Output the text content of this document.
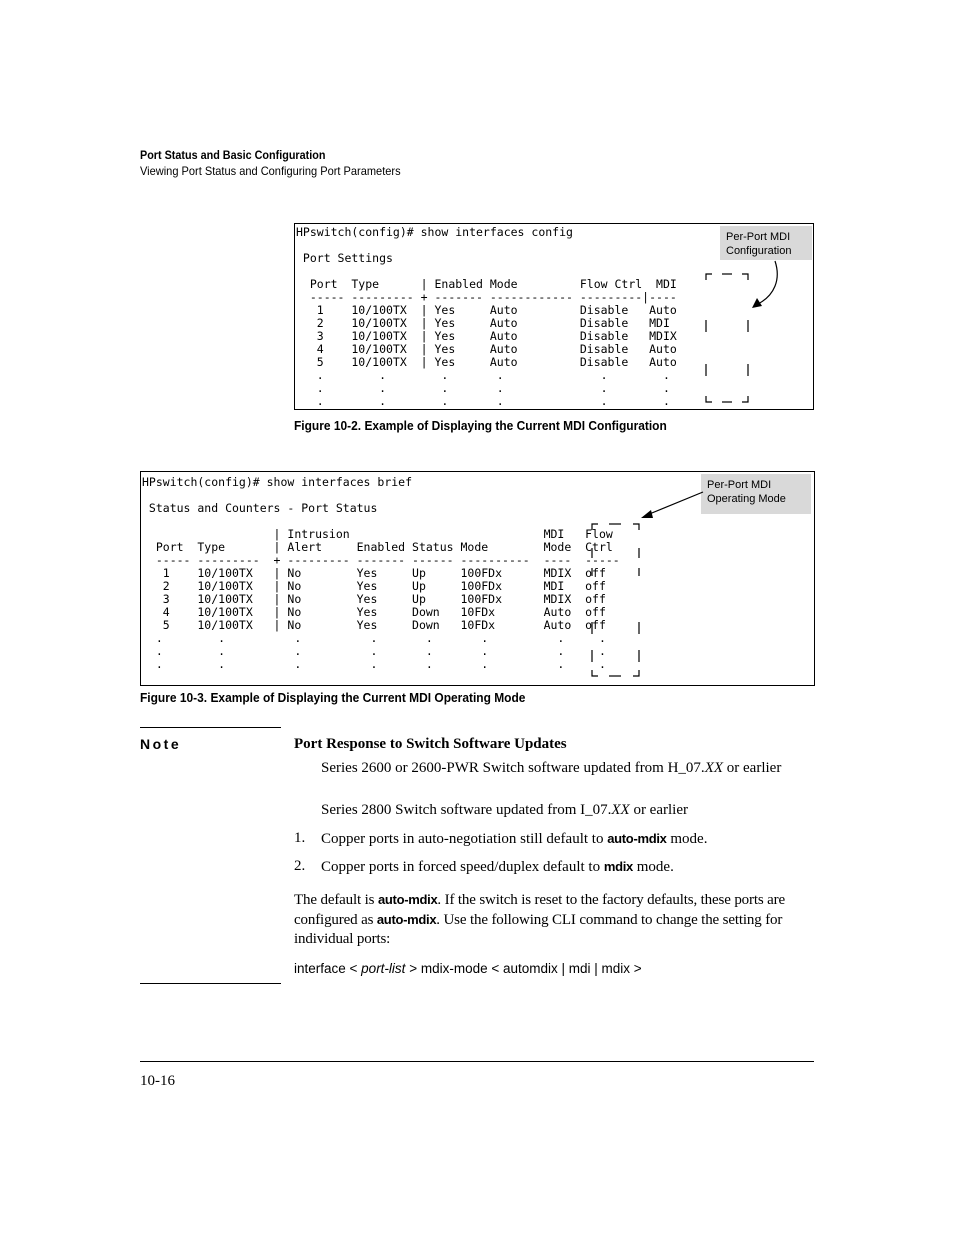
Port Status and Basic Configuration
Viewing Port Status and Configuring Port Parameters
HPswitch(config)# show interfaces config

Port Settings

Port  Type      | Enabled Mode         Flow Ctrl  MDI
----- --------- + ------- ------------ ---------|----
1    10/100TX  | Yes     Auto         Disable   Auto
2    10/100TX  | Yes     Auto         Disable   MDI
3    10/100TX  | Yes     Auto         Disable   MDIX
4    10/100TX  | Yes     Auto         Disable   Auto
5    10/100TX  | Yes     Auto         Disable   Auto
.        .        .       .              .        .
.        .        .       .              .        .
.        .        .       .              .        .
Per-Port MDI
Configuration
Figure 10-2. Example of Displaying the Current MDI Configuration
HPswitch(config)# show interfaces brief

Status and Counters - Port Status

| Intrusion                            MDI   Flow
Port  Type       | Alert     Enabled Status Mode        Mode  Ctrl
----- ---------  + --------- ------- ------ ----------  ----  -----
1    10/100TX   | No        Yes     Up     100FDx      MDIX  off
2    10/100TX   | No        Yes     Up     100FDx      MDI   off
3    10/100TX   | No        Yes     Up     100FDx      MDIX  off
4    10/100TX   | No        Yes     Down   10FDx       Auto  off
5    10/100TX   | No        Yes     Down   10FDx       Auto  off
.        .          .          .       .       .          .     .
.        .          .          .       .       .          .     .
.        .          .          .       .       .          .     .
Per-Port MDI
Operating Mode
Figure 10-3. Example of Displaying the Current MDI Operating Mode
Note	Port Response to Switch Software Updates
Series 2600 or 2600-PWR Switch software updated from H_07.XX or earlier
Series 2800 Switch software updated from I_07.XX or earlier
1. Copper ports in auto-negotiation still default to auto-mdix mode.
2. Copper ports in forced speed/duplex default to mdix mode.
The default is auto-mdix. If the switch is reset to the factory defaults, these ports are configured as auto-mdix. Use the following CLI command to change the setting for individual ports:
interface < port-list > mdix-mode < automdix | mdi | mdix >
10-16
